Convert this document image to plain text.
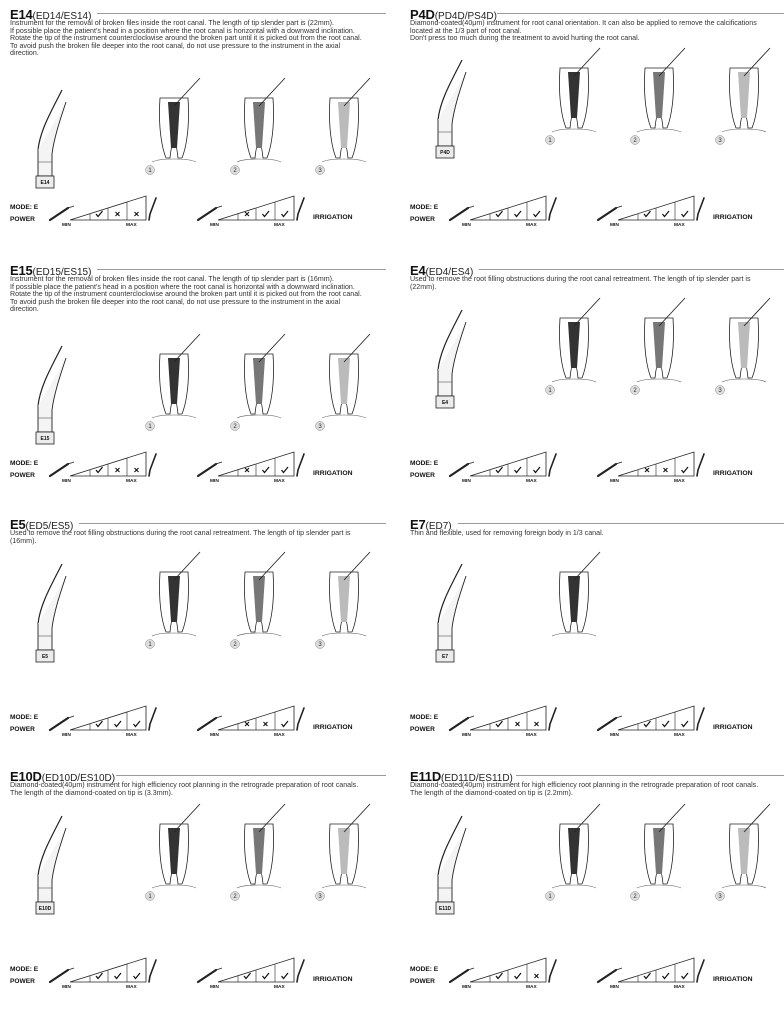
E14(ED14/ES14)
Instrument for the removal of broken files inside the root canal. The length of tip slender part is (22mm).
If possible place the patient's head in a position where the root canal is horizontal with a downward inclination. Rotate the tip of the instrument counterclockwise around the broken part until it is picked out from the root canal.
To avoid push the broken file deeper into the root canal, do not use pressure to the instrument in the axial direction.
E14
1	2	3
MODE: E
POWER
MIN	MAX	MIN	MAX
IRRIGATION
P4D(PD4D/PS4D)
Diamond-coated(40μm) instrument for root canal orientation. It can also be applied to remove the calcifications located at the 1/3 part of root canal.
Don't press too much during the treatment to avoid hurting the root canal.
P4D
1	2	3
MODE: E
POWER
MIN	MAX	MIN	MAX
IRRIGATION
E15(ED15/ES15)
Instrument for the removal of broken files inside the root canal. The length of tip slender part is (16mm).
If possible place the patient's head in a position where the root canal is horizontal with a downward inclination. Rotate the tip of the instrument counterclockwise around the broken part until it is picked out from the root canal.
To avoid push the broken file deeper into the root canal, do not use pressure to the instrument in the axial direction.
E15
1	2	3
MODE: E
POWER
MIN	MAX	MIN	MAX
IRRIGATION
E4(ED4/ES4)
Used to remove the root filling obstructions during the root canal retreatment. The length of tip slender part is (22mm).
E4
1	2	3
MODE: E
POWER
MIN	MAX	MIN	MAX
IRRIGATION
E5(ED5/ES5)
Used to remove the root filling obstructions during the root canal retreatment. The length of tip slender part is (16mm).
E5
1	2	3
MODE: E
POWER
MIN	MAX	MIN	MAX
IRRIGATION
E7(ED7)
Thin and flexible, used for removing foreign body in 1/3 canal.
E7
MODE: E
POWER
MIN	MAX	MIN	MAX
IRRIGATION
E10D(ED10D/ES10D)
Diamond-coated(40μm) instrument for high efficiency root planning in the retrograde preparation of root canals. The length of the diamond-coated on tip is (3.3mm).
E10D
1	2	3
MODE: E
POWER
MIN	MAX	MIN	MAX
IRRIGATION
E11D(ED11D/ES11D)
Diamond-coated(40μm) instrument for high efficiency root planning in the retrograde preparation of root canals. The length of the diamond-coated on tip is (2.2mm).
E11D
1	2	3
MODE: E
POWER
MIN	MAX	MIN	MAX
IRRIGATION
